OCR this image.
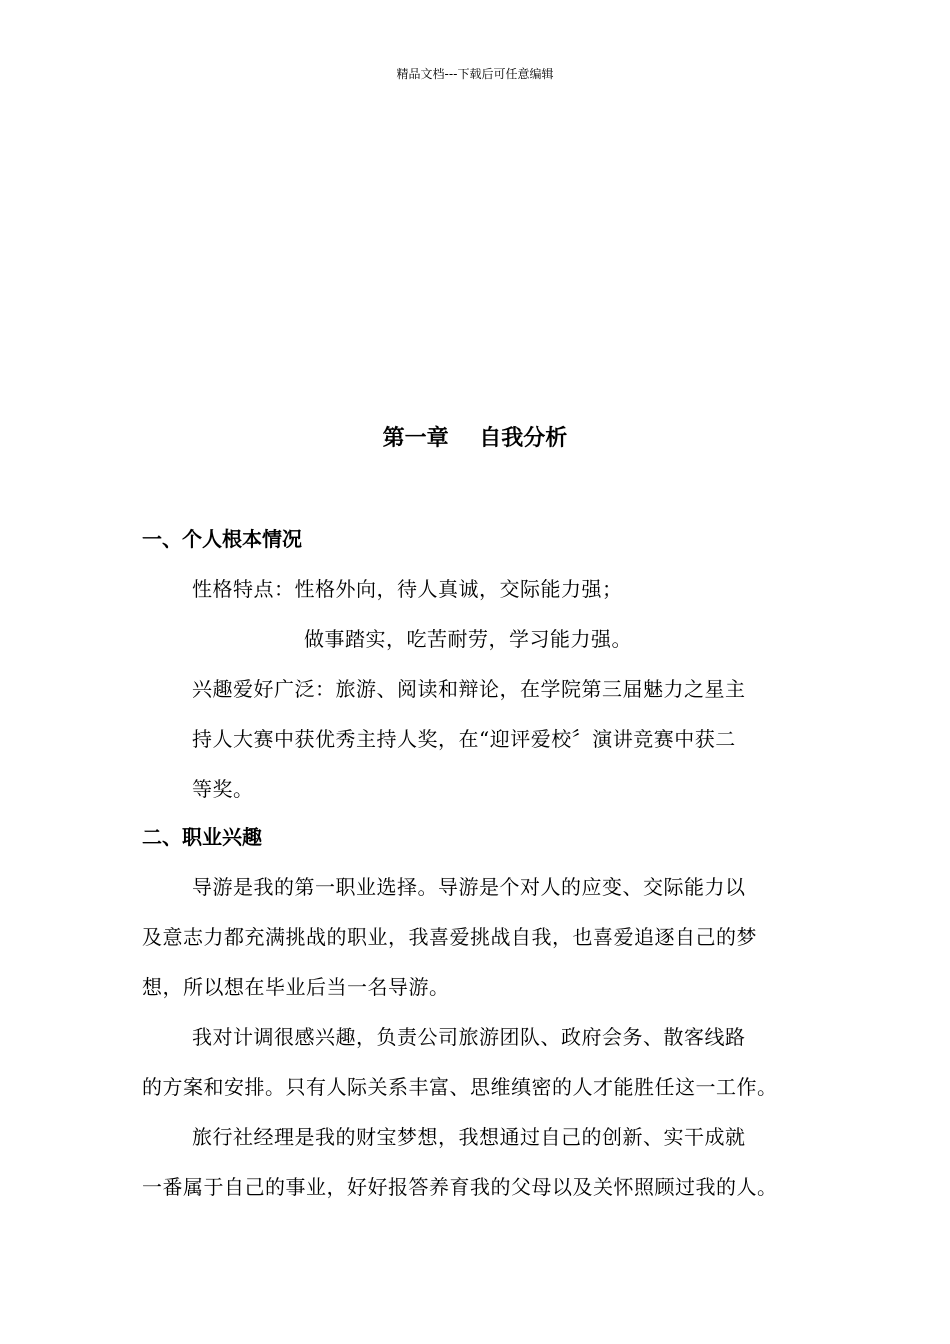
精品文档---下载后可任意编辑
第一章    自我分析
一、个人根本情况
性格特点：性格外向，待人真诚，交际能力强；
做事踏实，吃苦耐劳，学习能力强。
兴趣爱好广泛：旅游、阅读和辩论，在学院第三届魅力之星主
持人大赛中获优秀主持人奖，在“迎评爱校〞演讲竞赛中获二
等奖。
二、职业兴趣
导游是我的第一职业选择。导游是个对人的应变、交际能力以
及意志力都充满挑战的职业，我喜爱挑战自我，也喜爱追逐自己的梦
想，所以想在毕业后当一名导游。
我对计调很感兴趣，负责公司旅游团队、政府会务、散客线路
的方案和安排。只有人际关系丰富、思维缜密的人才能胜任这一工作。
旅行社经理是我的财宝梦想，我想通过自己的创新、实干成就
一番属于自己的事业，好好报答养育我的父母以及关怀照顾过我的人。
